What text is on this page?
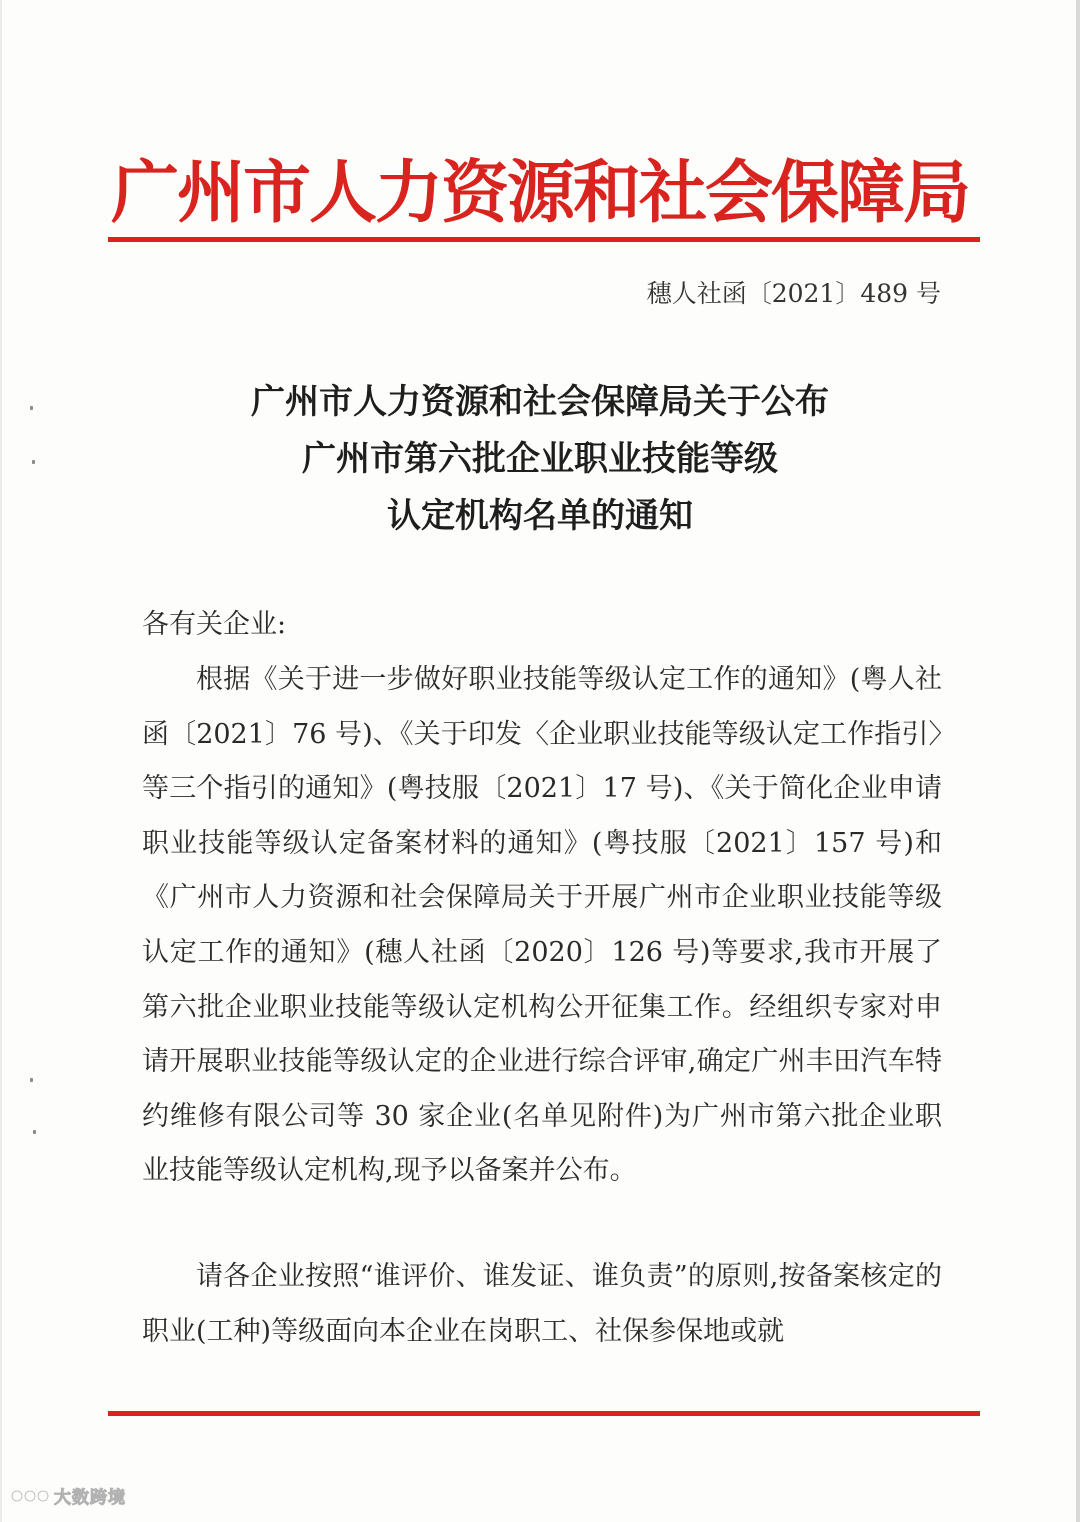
广州市人力资源和社会保障局
穗人社函〔2021〕489 号
广州市人力资源和社会保障局关于公布
广州市第六批企业职业技能等级
认定机构名单的通知
各有关企业:

根据《关于进一步做好职业技能等级认定工作的通知》(粤人社函〔2021〕76 号)、《关于印发〈企业职业技能等级认定工作指引〉等三个指引的通知》(粤技服〔2021〕17 号)、《关于简化企业申请职业技能等级认定备案材料的通知》(粤技服〔2021〕157 号)和《广州市人力资源和社会保障局关于开展广州市企业职业技能等级认定工作的通知》(穗人社函〔2020〕126 号)等要求,我市开展了第六批企业职业技能等级认定机构公开征集工作。经组织专家对申请开展职业技能等级认定的企业进行综合评审,确定广州丰田汽车特约维修有限公司等 30 家企业(名单见附件)为广州市第六批企业职业技能等级认定机构,现予以备案并公布。

请各企业按照“谁评价、谁发证、谁负责”的原则,按备案核定的职业(工种)等级面向本企业在岗职工、社保参保地或就

大数跨境
